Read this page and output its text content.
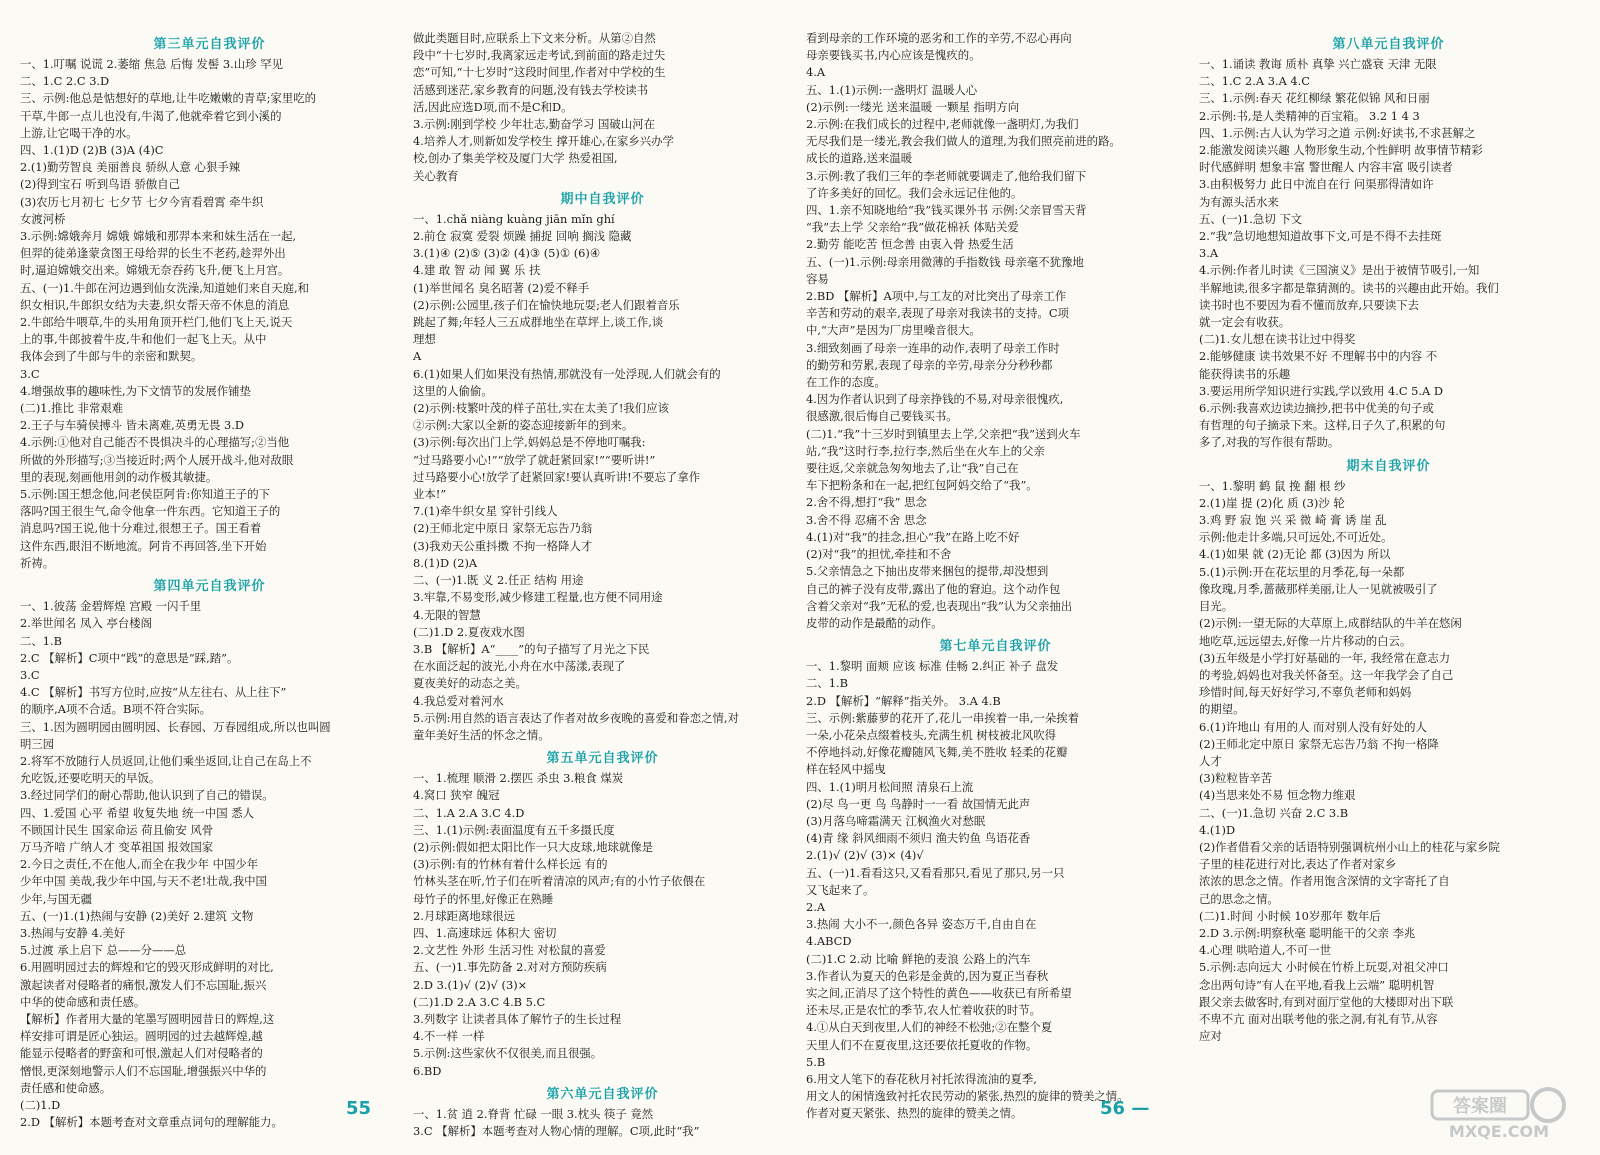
第三单元自我评价
一、1.叮嘱 说谎 2.萎缩 焦急 后悔 发髻 3.山珍 罕见
二、1.C 2.C 3.D
三、示例:他总是惦想好的草地,让牛吃嫩嫩的青草;家里吃的
干草,牛郎一点儿也没有,牛渴了,他就牵着它到小溪的
上游,让它喝干净的水。
四、1.(1)D (2)B (3)A (4)C
2.(1)勤劳智良 美丽善良 骄纵人意 心狠手辣
(2)得到宝石 听到鸟语 骄傲自己
(3)农历七月初七 七夕节 七夕今宵看碧霄 牵牛织
女渡河桥
3.示例:嫦娥奔月 嫦娥 嫦娥和那羿本来和妹生活在一起,
但羿的徒弟逢蒙贪图王母给羿的长生不老药,趁羿外出
时,逼迫嫦娥交出来。嫦娥无奈吞药飞升,便飞上月宫。
五、(一)1.牛郎在河边遇到仙女洗澡,知道她们来自天庭,和
织女相识,牛郎织女结为夫妻,织女帮天帝不休息的消息
2.牛郎给牛喂草,牛的头用角顶开栏门,他们飞上天,说天
上的事,牛郎披着牛皮,牛和他们一起飞上天。从中
我体会到了牛郎与牛的亲密和默契。
3.C
4.增强故事的趣味性,为下文情节的发展作铺垫
(二)1.推比 非常艰难
2.王子与车骑侯搏斗 皆未离难,英勇无畏 3.D
4.示例:①他对自己能否不畏惧决斗的心理描写;②当他
所做的外形描写;③当接近时;两个人展开战斗,他对敌眼
里的表现,刻画他用剑的动作极其敏捷。
5.示例:国王想念他,问老侯臣阿肯:你知道王子的下
落吗?国王很生气,命令他拿一件东西。它知道王子的
消息吗?国王说,他十分难过,很想王子。国王看着
这件东西,眼泪不断地流。阿肯不再回答,坐下开始
祈祷。
第四单元自我评价
一、1.彼荡 金碧辉煌 宫殿 一闪千里
2.举世闻名 凤入 亭台楼阁
二、1.B
2.C 【解析】C项中“践”的意思是“踩,踏”。
3.C
4.C 【解析】书写方位时,应按“从左往右、从上往下”
的顺序,A项不合适。B项不符合实际。
三、1.因为圆明园由圆明园、长春园、万春园组成,所以也叫圆
明三园
2.将军不放随行人员返回,让他们乘坐返回,让自己在岛上不
允吃饭,还要吃明天的早饭。
3.经过同学们的耐心帮助,他认识到了自己的错误。
四、1.爱国 心平 希望 收复失地 统一中国 悉人
不顾国计民生 国家命运 荷且偷安 风骨
万马齐喑 广纳人才 变革祖国 报效国家
2.今日之责任,不在他人,而全在我少年 中国少年
少年中国 美哉,我少年中国,与天不老!壮哉,我中国
少年,与国无疆
五、(一)1.(1)热闹与安静 (2)美好 2.建筑 文物
3.热闹与安静 4.美好
5.过渡 承上启下 总——分——总
6.用圆明园过去的辉煌和它的毁灭形成鲜明的对比,
激起读者对侵略者的痛恨,激发人们不忘国耻,振兴
中华的使命感和责任感。
【解析】作者用大量的笔墨写圆明园昔日的辉煌,这
样安排可谓是匠心独运。圆明园的过去越辉煌,越
能显示侵略者的野蛮和可恨,激起人们对侵略者的
憎恨,更深刻地警示人们不忘国耻,增强振兴中华的
责任感和使命感。
(二)1.D
2.D 【解析】本题考查对文章重点词句的理解能力。
做此类题目时,应联系上下文来分析。从第②自然
段中“十七岁时,我离家远走考试,到前面的路走过失
恋”可知,“十七岁时”这段时间里,作者对中学校的生
活感到迷茫,家乡教育的问题,没有钱去学校读书
活,因此应选D项,而不是C和D。
3.示例:刚到学校 少年壮志,勤奋学习 国破山河在
4.培养人才,则新如发学校生 撑开雄心,在家乡兴办学
校,创办了集美学校及厦门大学 热爱祖国,
关心教育
期中自我评价
一、1.chǎ niàng kuàng jiān mǐn ghí
2.前仓 寂寞 爱裂 烦躁 捕捉 回响 搁浅 隐藏
3.(1)④ (2)⑤ (3)② (4)③ (5)① (6)④
4.建 敢 智 动 闻 翼 乐 扶
(1)举世闻名 臭名昭著 (2)爱不释手
(2)示例:公园里,孩子们在愉快地玩耍;老人们跟着音乐
跳起了舞;年轻人三五成群地坐在草坪上,谈工作,谈
理想
A
6.(1)如果人们如果没有热情,那就没有一处浮现,人们就会有的
这里的人偷偷。
(2)示例:枝繁叶茂的样子茁壮,实在太美了!我们应该
②示例:大家以全新的姿态迎接新年的到来。
(3)示例:每次出门上学,妈妈总是不停地叮嘱我:
“过马路要小心!”“放学了就赶紧回家!”“要听讲!”
过马路要小心!放学了赶紧回家!要认真听讲!不要忘了拿作
业本!”
7.(1)牵牛织女星 穿针引线人
(2)王师北定中原日 家祭无忘告乃翁
(3)我劝天公重抖擞 不拘一格降人才
8.(1)D (2)A
二、(一)1.既 义 2.任正 结构 用途
3.牢靠,不易变形,减少修建工程量,也方便不同用途
4.无限的智慧
(二)1.D 2.夏夜戏水图
3.B 【解析】A“____”的句子描写了月光之下民
在水面泛起的波光,小舟在水中荡漾,表现了
夏夜美好的动态之美。
4.我总爱对着河水
5.示例:用自然的语言表达了作者对故乡夜晚的喜爱和眷恋之情,对
童年美好生活的怀念之情。
第五单元自我评价
一、1.梳理 顺滑 2.摆匹 杀虫 3.粮食 煤炭
4.窝口 狭窄 魄冠
二、1.A 2.A 3.C 4.D
三、1.(1)示例:表面温度有五千多摄氏度
(2)示例:假如把太阳比作一只大皮球,地球就像是
(3)示例:有的竹林有着什么样长远 有的
竹林头茎在听,竹子们在听着清凉的风声;有的小竹子依偎在
母竹子的怀里,好像正在熟睡
2.月球距离地球很远
四、1.高速球远 体积大 密切
2.文艺性 外形 生活习性 对松鼠的喜爱
五、(一)1.事先防备 2.对对方预防疾病
2.D 3.(1)√ (2)√ (3)×
(二)1.D 2.A 3.C 4.B 5.C
3.列数字 让读者具体了解竹子的生长过程
4.不一样 一样
5.示例:这些家伙不仅很美,而且很强。
6.BD
第六单元自我评价
一、1.贫 逍 2.脊背 忙碌 一眼 3.枕头 筷子 竟然
3.C 【解析】本题考查对人物心情的理解。C项,此时“我”
看到母亲的工作环境的恶劣和工作的辛劳,不忍心再向
母亲要钱买书,内心应该是愧疚的。
4.A
五、1.(1)示例:一盏明灯 温暖人心
(2)示例:一缕光 送来温暖 一颗星 指明方向
2.示例:在我们成长的过程中,老师就像一盏明灯,为我们
无尽我们是一缕光,教会我们做人的道理,为我们照亮前进的路。
成长的道路,送来温暖
3.示例:教了我们三年的李老师就要调走了,他给我们留下
了许多美好的回忆。我们会永远记住他的。
四、1.亲不知晓地给“我”钱买课外书 示例:父亲冒雪天背
“我”去上学 父亲给“我”做花棉袄 体贴关爱
2.勤劳 能吃苦 恒念善 由衷入骨 热爱生活
五、(一)1.示例:母亲用微薄的手指数钱 母亲毫不犹豫地
容易
2.BD 【解析】A项中,与工友的对比突出了母亲工作
辛苦和劳动的艰辛,表现了母亲对我读书的支持。C项
中,“大声”是因为厂房里噪音很大。
3.细致刻画了母亲一连串的动作,表明了母亲工作时
的勤劳和劳累,表现了母亲的辛劳,母亲分分秒秒都
在工作的态度。
4.因为作者认识到了母亲挣钱的不易,对母亲很愧疚,
很感激,很后悔自己要钱买书。
(二)1.“我”十三岁时到镇里去上学,父亲把“我”送到火车
站,“我”这时行李,拉行李,然后坐在火车上的父亲
要往返,父亲就急匆匆地去了,让“我”自己在
车下把粉条和在一起,把红包阿妈交给了“我”。
2.舍不得,想打“我” 思念
3.舍不得 忍痛不舍 思念
4.(1)对“我”的挂念,担心“我”在路上吃不好
(2)对“我”的担忧,牵挂和不舍
5.父亲情急之下抽出皮带来捆包的提带,却没想到
自己的裤子没有皮带,露出了他的窘迫。这个动作包
含着父亲对“我”无私的爱,也表现出“我”认为父亲抽出
皮带的动作是最酷的动作。
第七单元自我评价
一、1.黎明 面颊 应该 标准 佳畅 2.纠正 补子 盘发
二、1.B
2.D 【解析】“解释”指关外。 3.A 4.B
三、示例:紫藤萝的花开了,花儿一串挨着一串,一朵挨着
一朵,小花朵点缀着枝头,充满生机 树枝被北风吹得
不停地抖动,好像花瓣随风飞舞,美不胜收 轻柔的花瓣
样在轻风中摇曳
四、1.(1)明月松间照 清泉石上流
(2)尽 鸟一更 鸟 鸟静时一一看 故国情无此声
(3)月落乌啼霜满天 江枫渔火对愁眠
(4)青 缘 斜风细雨不须归 渔夫钓鱼 鸟语花香
2.(1)√ (2)√ (3)× (4)√
五、(一)1.看看这只,又看看那只,看见了那只,另一只
又飞起来了。
2.A
3.热闹 大小不一,颜色各异 姿态万千,自由自在
4.ABCD
(二)1.C 2.动 比喻 鲜艳的麦浪 公路上的汽车
3.作者认为夏天的色彩是金黄的,因为夏正当春秋
实之间,正消尽了这个特性的黄色——收获已有所希望
还未尽,正是农忙的季节,农人忙着收获的时节。
4.①从白天到夜里,人们的神经不松弛;②在整个夏
天里人们不在夏夜里,这还要依托夏收的作物。
5.B
6.用文人笔下的春花秋月衬托浓得流油的夏季,
用文人的闲情逸致衬托农民劳动的紧张,热烈的旋律的赞美之情。
作者对夏天紧张、热烈的旋律的赞美之情。
第八单元自我评价
一、1.诵读 教诲 质朴 真挚 兴亡盛衰 天津 无限
二、1.C 2.A 3.A 4.C
三、1.示例:春天 花红柳绿 繁花似锦 风和日丽
2.示例:书,是人类精神的百宝箱。 3.2 1 4 3
四、1.示例:古人认为学习之道 示例:好读书,不求甚解之
2.能激发阅读兴趣 人物形象生动,个性鲜明 故事情节精彩
时代感鲜明 想象丰富 警世醒人 内容丰富 吸引读者
3.由积极努力 此日中流自在行 问渠那得清如许
为有源头活水来
五、(一)1.急切 下文
2.“我”急切地想知道故事下文,可是不得不去挂斑
3.A
4.示例:作者儿时读《三国演义》是出于被情节吸引,一知
半解地读,很多字都是靠猜测的。读书的兴趣由此开始。我们
读书时也不要因为看不懂而放弃,只要读下去
就一定会有收获。
(二)1.女儿想在读书让过中得奖
2.能够健康 读书效果不好 不理解书中的内容 不
能获得读书的乐趣
3.要运用所学知识进行实践,学以致用 4.C 5.A D
6.示例:我喜欢边读边摘抄,把书中优美的句子或
有哲理的句子摘录下来。这样,日子久了,积累的句
多了,对我的写作很有帮助。
期末自我评价
一、1.黎明 鹤 鼠 挽 翻 根 纱
2.(1)崖 提 (2)化 质 (3)沙 轮
3.鸡 野 寂 饱 兴 采 微 崎 膏 诱 崖 乱
示例:他走计多端,只可远处,不可近处。
4.(1)如果 就 (2)无论 都 (3)因为 所以
5.(1)示例:开在花坛里的月季花,每一朵都
像玫瑰,月季,蔷薇那样美丽,让人一见就被吸引了
目光。
(2)示例:一望无际的大草原上,成群结队的牛羊在悠闲
地吃草,远远望去,好像一片片移动的白云。
(3)五年级是小学打好基础的一年, 我经常在意志力
的考验,妈妈也对我关怀备至。这一年我学会了自己
珍惜时间,每天好好学习,不辜负老师和妈妈
的期望。
6.(1)许地山 有用的人 而对别人没有好处的人
(2)王师北定中原日 家祭无忘告乃翁 不拘一格降
人才
(3)粒粒皆辛苦
(4)当思来处不易 恒念物力维艰
二、(一)1.急切 兴奋 2.C 3.B
4.(1)D
(2)作者借看父亲的话语特别强调杭州小山上的桂花与家乡院
子里的桂花进行对比,表达了作者对家乡
浓浓的思念之情。作者用饱含深情的文字寄托了自
己的思念之情。
(二)1.时间 小时候 10岁那年 数年后
2.D 3.示例:明察秋毫 聪明能干的父亲 李兆
4.心理 哄哈道人,不可一世
5.示例:志向远大 小时候在竹桥上玩耍,对祖父冲口
念出两句诗“有人在平地,看我上云端” 聪明机智
跟父亲去做客时,有到对面厅堂他的大楼即对出下联
不卑不亢 面对出联考他的张之洞,有礼有节,从容
应对
55	56 —	答案圈
MXQE.COM
